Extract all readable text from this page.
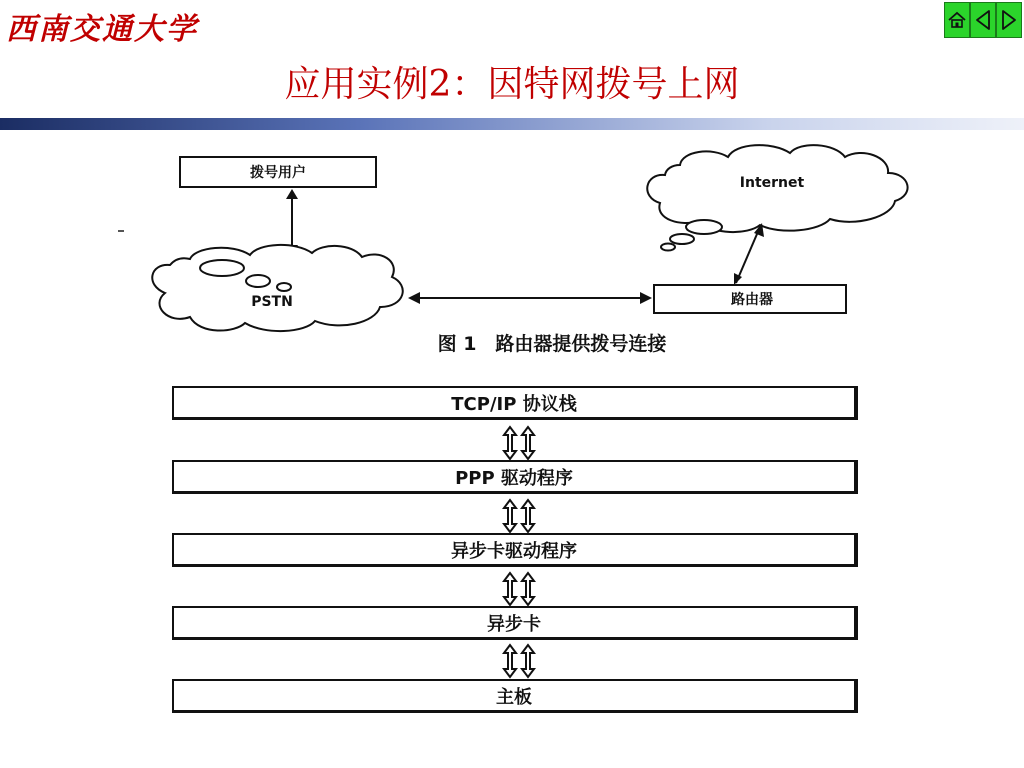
西南交通大学
应用实例2：因特网拨号上网
拨号用户
PSTN	路由器
Internet
图 1　路由器提供拨号连接
TCP/IP 协议栈
PPP 驱动程序
异步卡驱动程序
异步卡
主板
